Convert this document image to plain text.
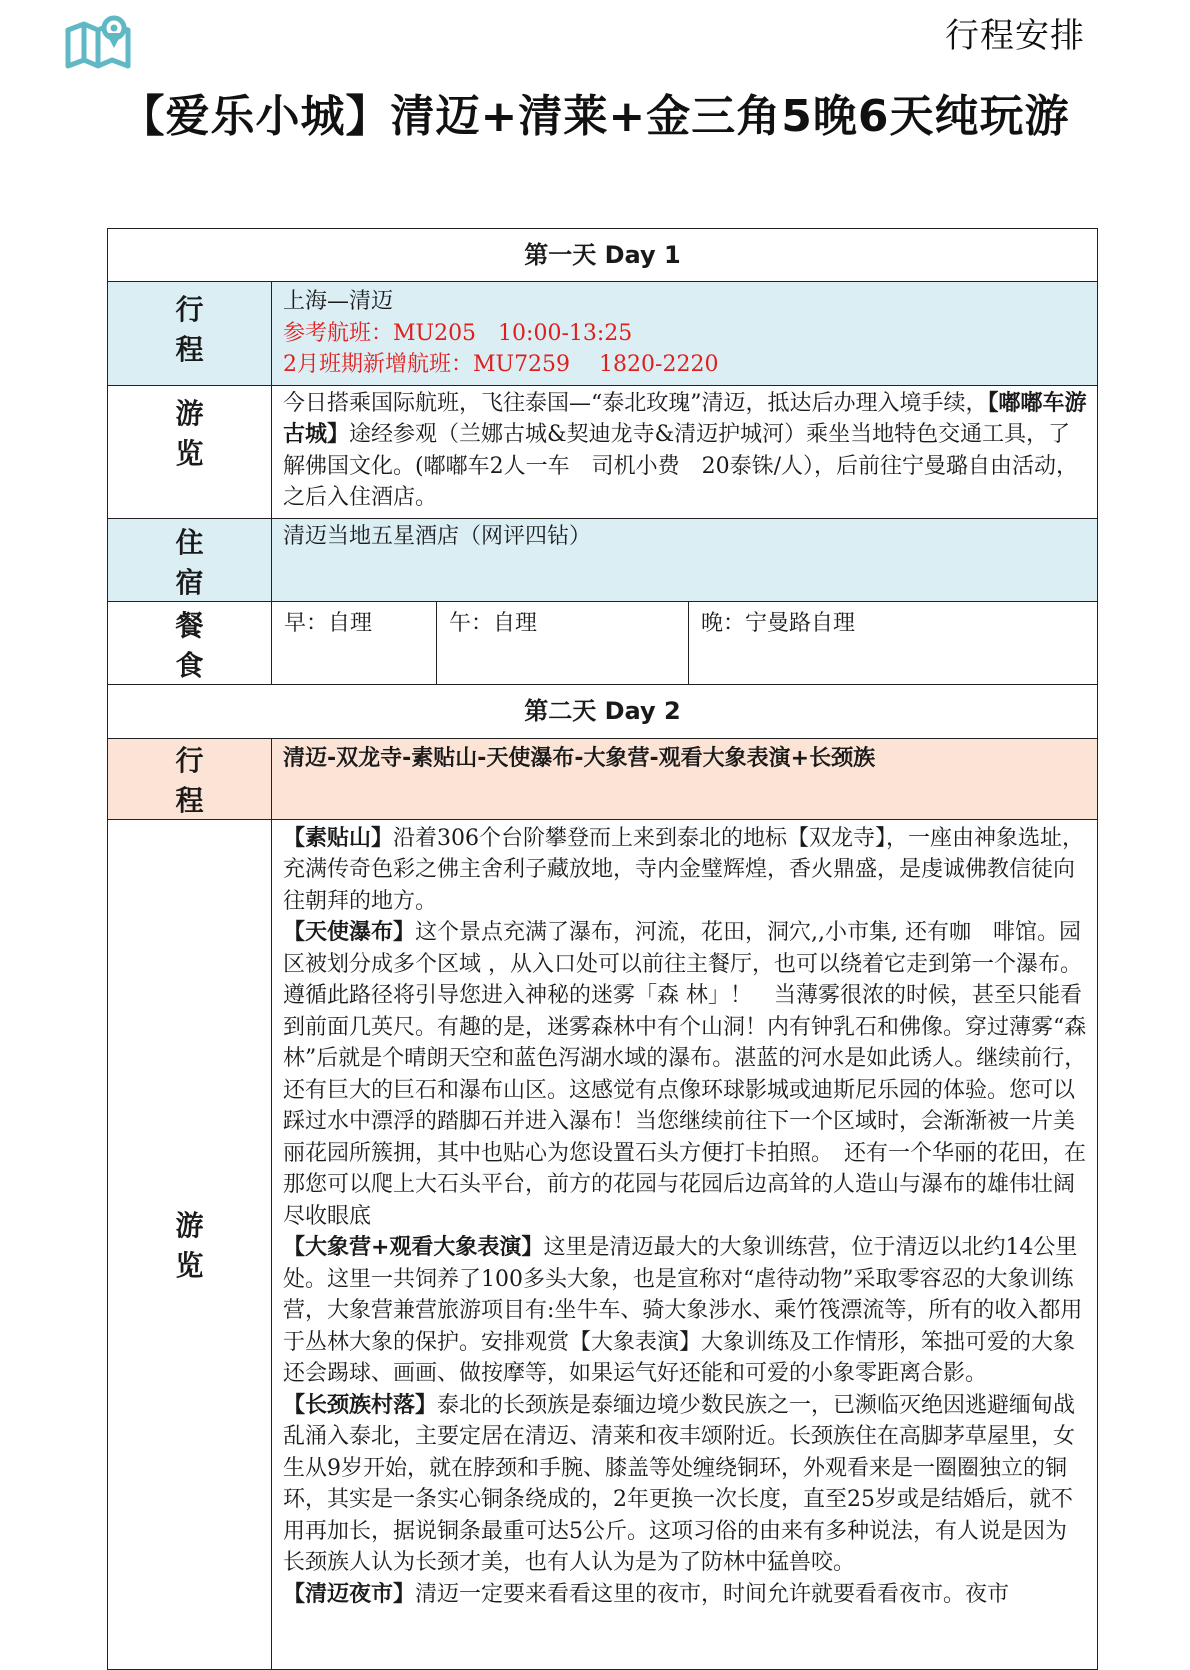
行程安排
【爱乐小城】清迈+清莱+金三角5晚6天纯玩游
第一天 Day 1			
行 程	上海—清迈
参考航班：MU205　10:00-13:25
2月班期新增航班：MU7259　 1820-2220		

游 览	今日搭乘国际航班，飞往泰国—“泰北玫瑰”清迈，抵达后办理入境手续，【嘟嘟车游古城】途经参观（兰娜古城&契迪龙寺&清迈护城河）乘坐当地特色交通工具，了解佛国文化。(嘟嘟车2人一车　司机小费　20泰铢/人），后前往宁曼璐自由活动，之后入住酒店。		
住 宿	清迈当地五星酒店（网评四钻）		
餐 食	早：自理	午：自理	晚：宁曼路自理
第二天 Day 2			
行 程	清迈-双龙寺-素贴山-天使瀑布-大象营-观看大象表演+长颈族		
游 览	【素贴山】沿着306个台阶攀登而上来到泰北的地标【双龙寺】，一座由神象选址，充满传奇色彩之佛主舍利子藏放地，寺内金璧辉煌，香火鼎盛，是虔诚佛教信徒向往朝拜的地方。
【天使瀑布】这个景点充满了瀑布，河流，花田，洞穴,,小市集, 还有咖　啡馆。园区被划分成多个区域 ，从入口处可以前往主餐厅，也可以绕着它走到第一个瀑布。遵循此路径将引导您进入神秘的迷雾「森 林」！　当薄雾很浓的时候，甚至只能看到前面几英尺。有趣的是，迷雾森林中有个山洞！内有钟乳石和佛像。穿过薄雾“森林”后就是个晴朗天空和蓝色泻湖水域的瀑布。湛蓝的河水是如此诱人。继续前行，还有巨大的巨石和瀑布山区。这感觉有点像环球影城或迪斯尼乐园的体验。您可以踩过水中漂浮的踏脚石并进入瀑布！当您继续前往下一个区域时，会渐渐被一片美丽花园所簇拥，其中也贴心为您设置石头方便打卡拍照。　还有一个华丽的花田，在那您可以爬上大石头平台，前方的花园与花园后边高耸的人造山与瀑布的雄伟壮阔尽收眼底
【大象营+观看大象表演】这里是清迈最大的大象训练营，位于清迈以北约14公里处。这里一共饲养了100多头大象，也是宣称对“虐待动物”采取零容忍的大象训练营，大象营兼营旅游项目有:坐牛车、骑大象涉水、乘竹筏漂流等，所有的收入都用于丛林大象的保护。安排观赏【大象表演】大象训练及工作情形，笨拙可爱的大象还会踢球、画画、做按摩等，如果运气好还能和可爱的小象零距离合影。
【长颈族村落】泰北的长颈族是泰缅边境少数民族之一，已濒临灭绝因逃避缅甸战乱涌入泰北，主要定居在清迈、清莱和夜丰颂附近。长颈族住在高脚茅草屋里，女生从9岁开始，就在脖颈和手腕、膝盖等处缠绕铜环，外观看来是一圈圈独立的铜环，其实是一条实心铜条绕成的，2年更换一次长度，直至25岁或是结婚后，就不用再加长，据说铜条最重可达5公斤。这项习俗的由来有多种说法，有人说是因为长颈族人认为长颈才美，也有人认为是为了防林中猛兽咬。
【清迈夜市】清迈一定要来看看这里的夜市，时间允许就要看看夜市。夜市		
